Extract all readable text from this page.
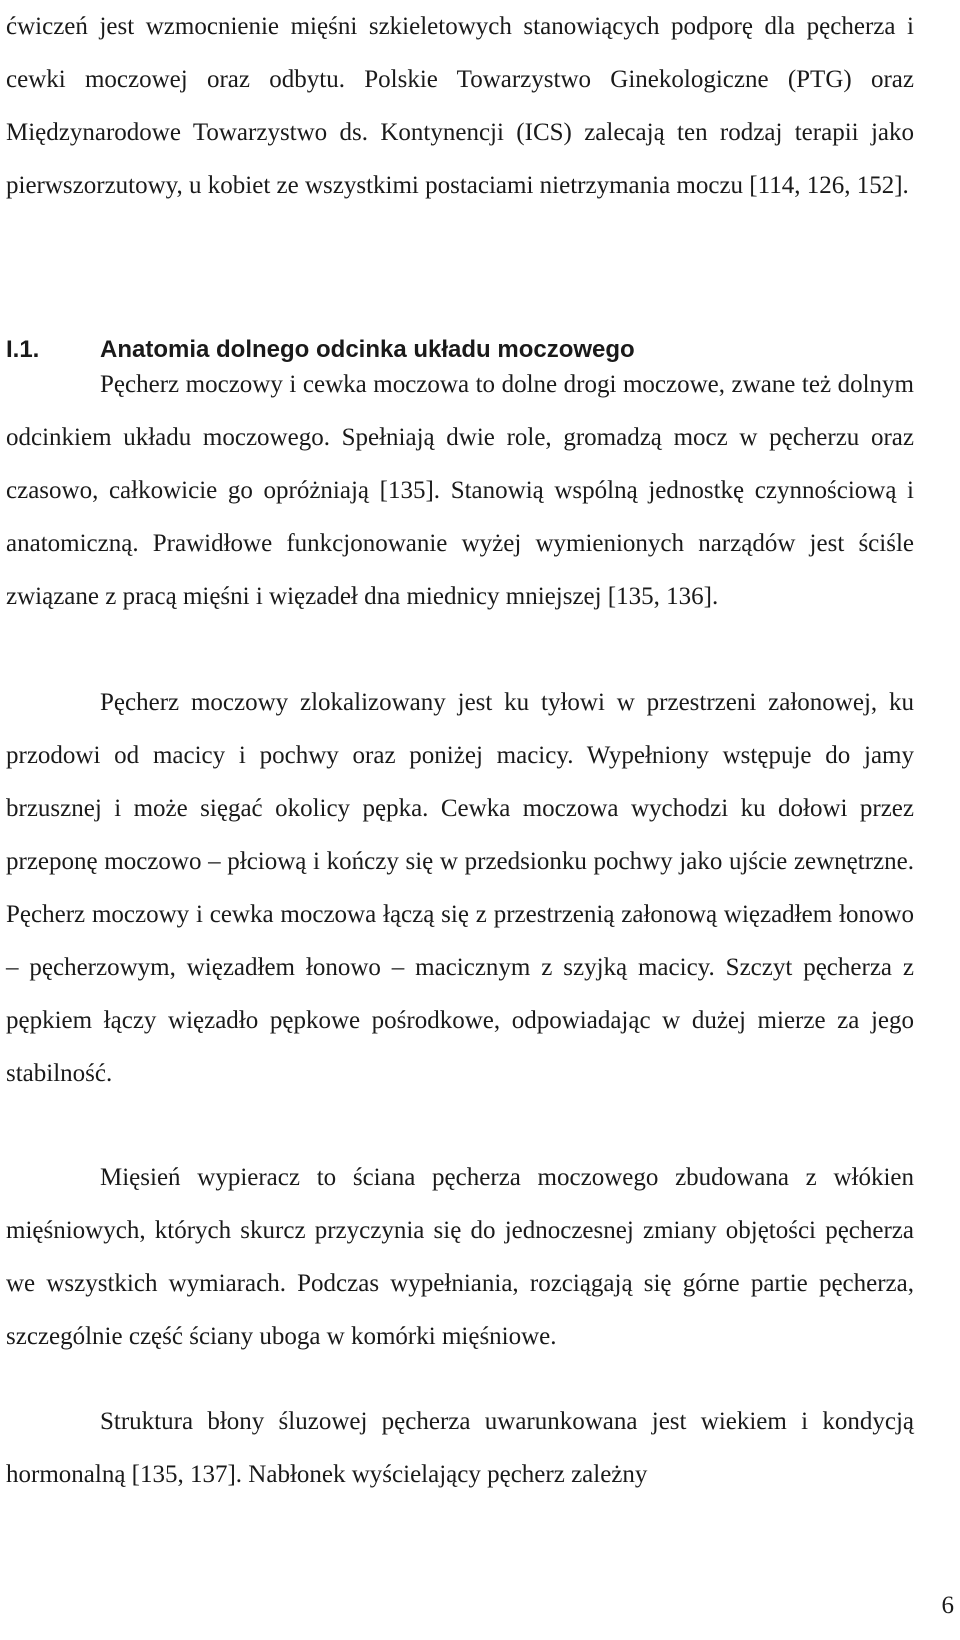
ćwiczeń jest wzmocnienie mięśni szkieletowych stanowiących podporę dla pęcherza i cewki moczowej oraz odbytu. Polskie Towarzystwo Ginekologiczne (PTG) oraz Międzynarodowe Towarzystwo ds. Kontynencji (ICS) zalecają ten rodzaj terapii jako pierwszorzutowy, u kobiet ze wszystkimi postaciami nietrzymania moczu [114, 126, 152].

I.1.	Anatomia dolnego odcinka układu moczowego

Pęcherz moczowy i cewka moczowa to dolne drogi moczowe, zwane też dolnym odcinkiem układu moczowego. Spełniają dwie role, gromadzą mocz w pęcherzu oraz czasowo, całkowicie go opróżniają [135]. Stanowią wspólną jednostkę czynnościową i anatomiczną. Prawidłowe funkcjonowanie wyżej wymienionych narządów jest ściśle związane z pracą mięśni i więzadeł dna miednicy mniejszej [135, 136].

Pęcherz moczowy zlokalizowany jest ku tyłowi w przestrzeni załonowej, ku przodowi od macicy i pochwy oraz poniżej macicy. Wypełniony wstępuje do jamy brzusznej i może sięgać okolicy pępka. Cewka moczowa wychodzi ku dołowi przez przeponę moczowo – płciową i kończy się w przedsionku pochwy jako ujście zewnętrzne. Pęcherz moczowy i cewka moczowa łączą się z przestrzenią załonową więzadłem łonowo – pęcherzowym, więzadłem łonowo – macicznym z szyjką macicy. Szczyt pęcherza z pępkiem łączy więzadło pępkowe pośrodkowe, odpowiadając w dużej mierze za jego stabilność.

Mięsień wypieracz to ściana pęcherza moczowego zbudowana z włókien mięśniowych, których skurcz przyczynia się do jednoczesnej zmiany objętości pęcherza we wszystkich wymiarach. Podczas wypełniania, rozciągają się górne partie pęcherza, szczególnie część ściany uboga w komórki mięśniowe.

Struktura błony śluzowej pęcherza uwarunkowana jest wiekiem i kondycją hormonalną [135, 137]. Nabłonek wyścielający pęcherz zależny

6
